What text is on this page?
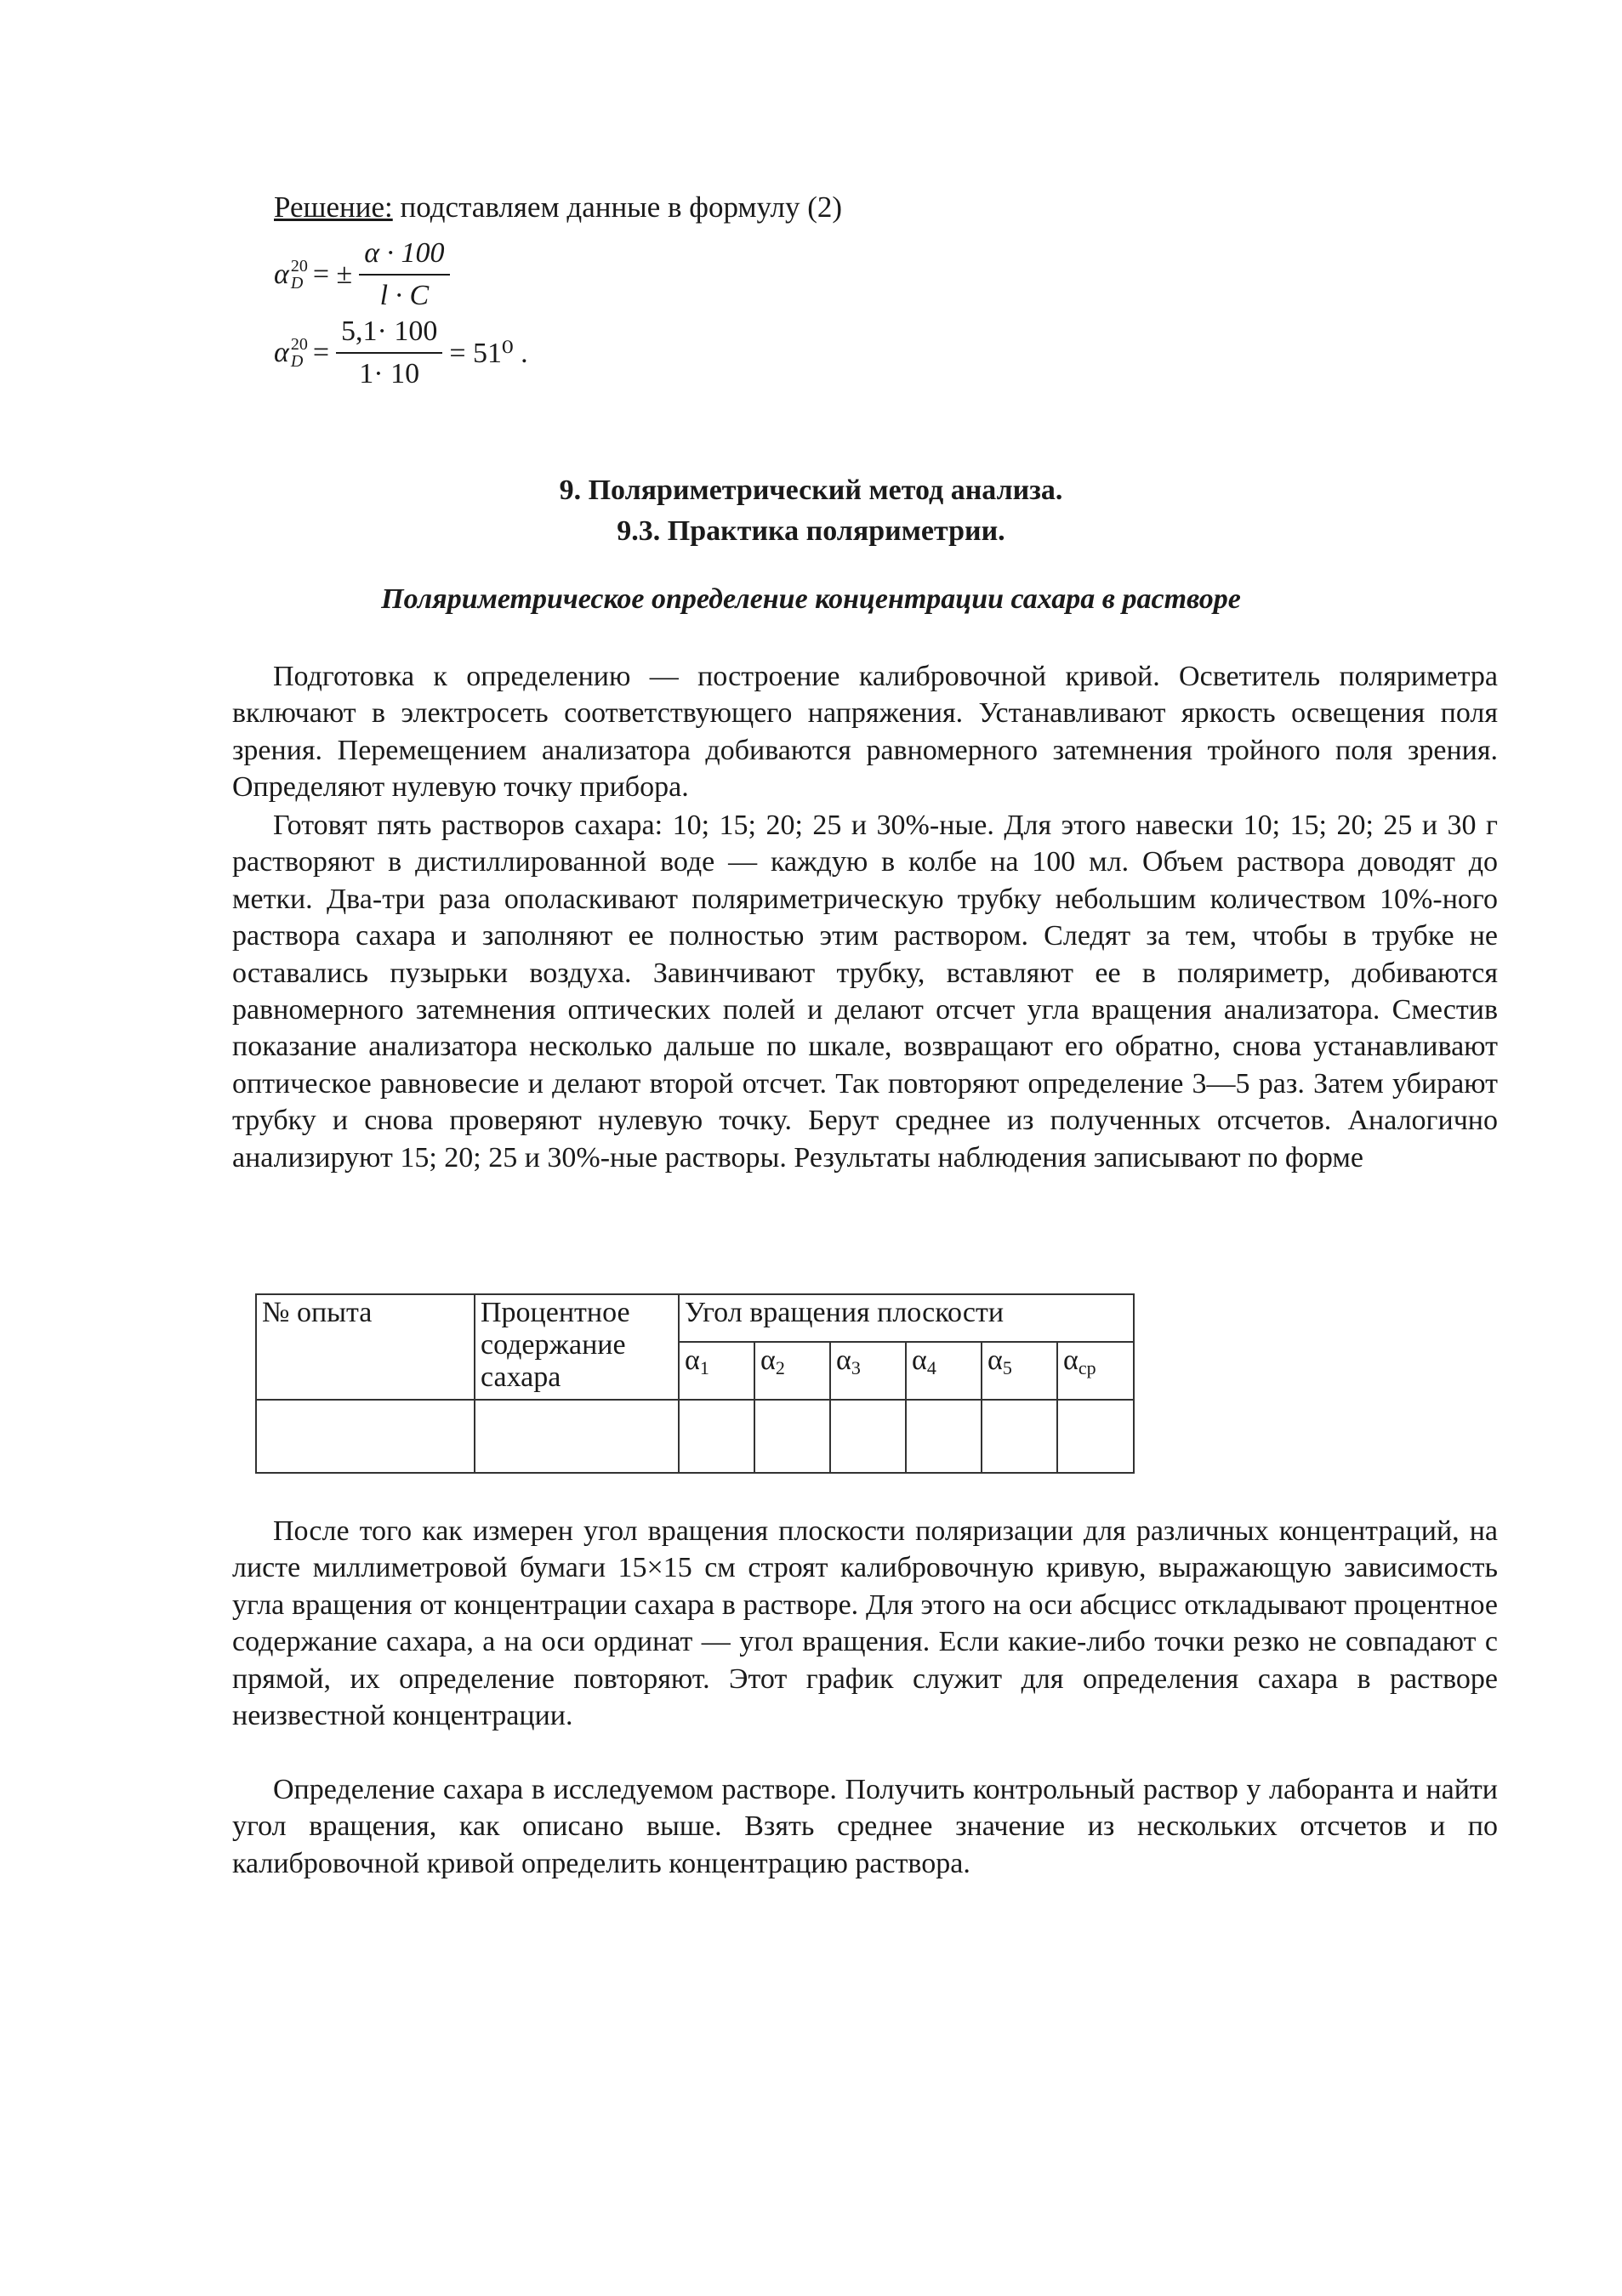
Решение: подставляем данные в формулу (2)
α 20
D = ± $\frac{\alpha \cdot 100}{l \cdot C}$
α 20
$D = \frac{5,1\cdot 100}{1\cdot 10} = 51^0$ .
9. Поляриметрический метод анализа.
9.3. Практика поляриметрии.
Поляриметрическое определение концентрации сахара в растворе

Подготовка к определению — построение калибровочной кривой. Осветитель поляриметра включают в электросеть соответствующего напряжения. Устанавливают яркость освещения поля зрения. Перемещением анализатора добиваются равномерного затемнения тройного поля зрения. Определяют нулевую точку прибора.

Готовят пять растворов сахара: 10; 15; 20; 25 и 30%-ные. Для этого навески 10; 15; 20; 25 и 30 г растворяют в дистиллированной воде — каждую в колбе на 100 мл. Объем раствора доводят до метки. Два-три раза ополаскивают поляриметрическую трубку небольшим количеством 10%-ного раствора сахара и заполняют ее полностью этим раствором. Следят за тем, чтобы в трубке не оставались пузырьки воздуха. Завинчивают трубку, вставляют ее в поляриметр, добиваются равномерного затемнения оптических полей и делают отсчет угла вращения анализатора. Сместив показание анализатора несколько дальше по шкале, возвращают его обратно, снова устанавливают оптическое равновесие и делают второй отсчет. Так повторяют определение 3—5 раз. Затем убирают трубку и снова проверяют нулевую точку. Берут среднее из полученных отсчетов. Аналогично анализируют 15; 20; 25 и 30%-ные растворы. Результаты наблюдения записывают по форме

№ опыта	Процентное содержание сахара	Угол вращения плоскости					
		α1	α2	α3	α4	α5	αср

После того как измерен угол вращения плоскости поляризации для различных концентраций, на листе миллиметровой бумаги 15×15 см строят калибровочную кривую, выражающую зависимость угла вращения от концентрации сахара в растворе. Для этого на оси абсцисс откладывают процентное содержание сахара, а на оси ординат — угол вращения. Если какие-либо точки резко не совпадают с прямой, их определение повторяют. Этот график служит для определения сахара в растворе неизвестной концентрации.

Определение сахара в исследуемом растворе. Получить контрольный раствор у лаборанта и найти угол вращения, как описано выше. Взять среднее значение из нескольких отсчетов и по калибровочной кривой определить концентрацию раствора.
